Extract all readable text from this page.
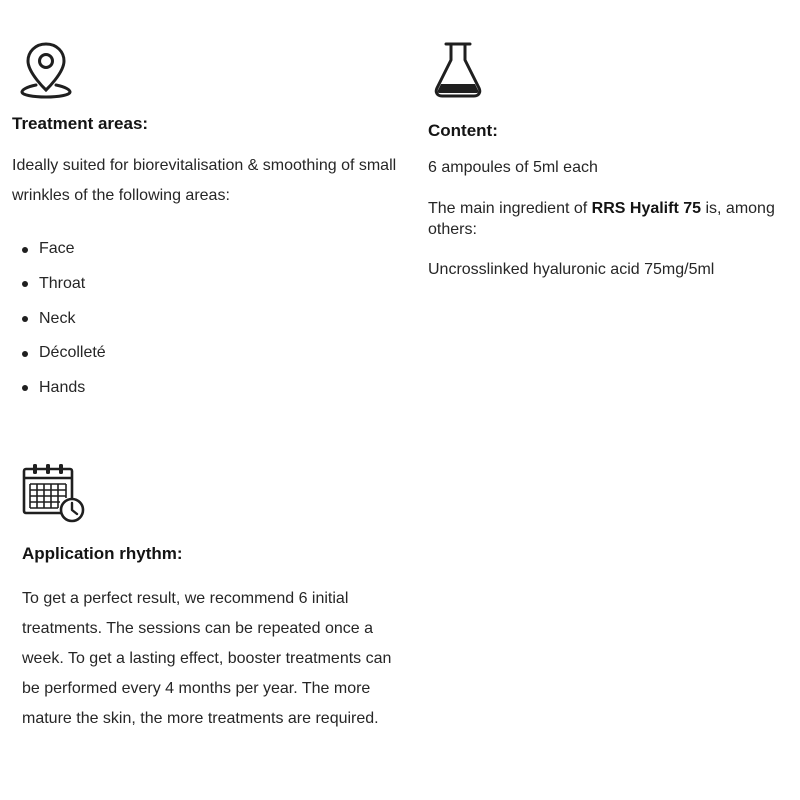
Treatment areas:

Ideally suited for biorevitalisation & smoothing of small wrinkles of the following areas:

Face
Throat
Neck
Décolleté
Hands
Content:

6 ampoules of 5ml each

The main ingredient of RRS Hyalift 75 is, among others:

Uncrosslinked hyaluronic acid 75mg/5ml

Application rhythm:

To get a perfect result, we recommend 6 initial treatments. The sessions can be repeated once a week. To get a lasting effect, booster treatments can be performed every 4 months per year. The more mature the skin, the more treatments are required.
